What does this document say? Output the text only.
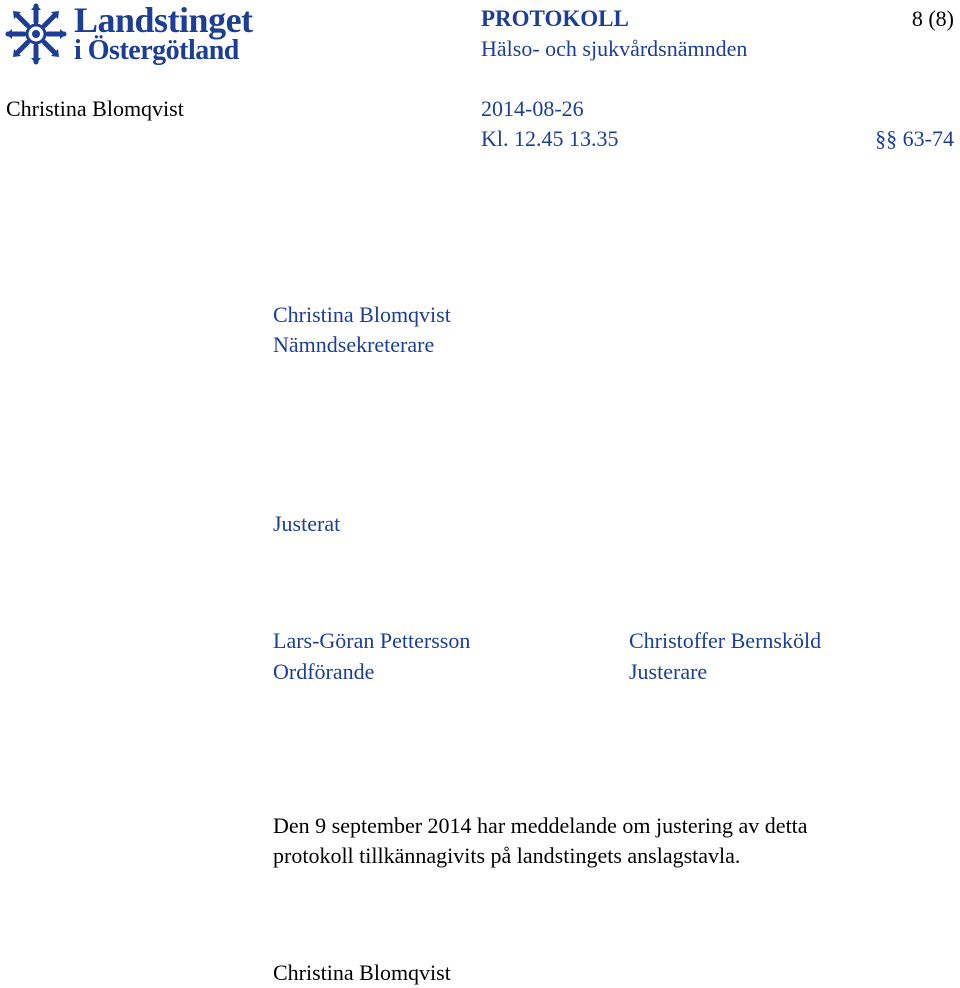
Landstinget
i Östergötland
PROTOKOLL
Hälso- och sjukvårdsnämnden
8 (8)
Christina Blomqvist	2014-08-26
Kl. 12.45 13.35	§§ 63-74
Christina Blomqvist
Nämndsekreterare
Justerat
Lars-Göran Pettersson
Ordförande
Christoffer Bernsköld
Justerare
Den 9 september 2014 har meddelande om justering av detta
protokoll tillkännagivits på landstingets anslagstavla.
Christina Blomqvist
